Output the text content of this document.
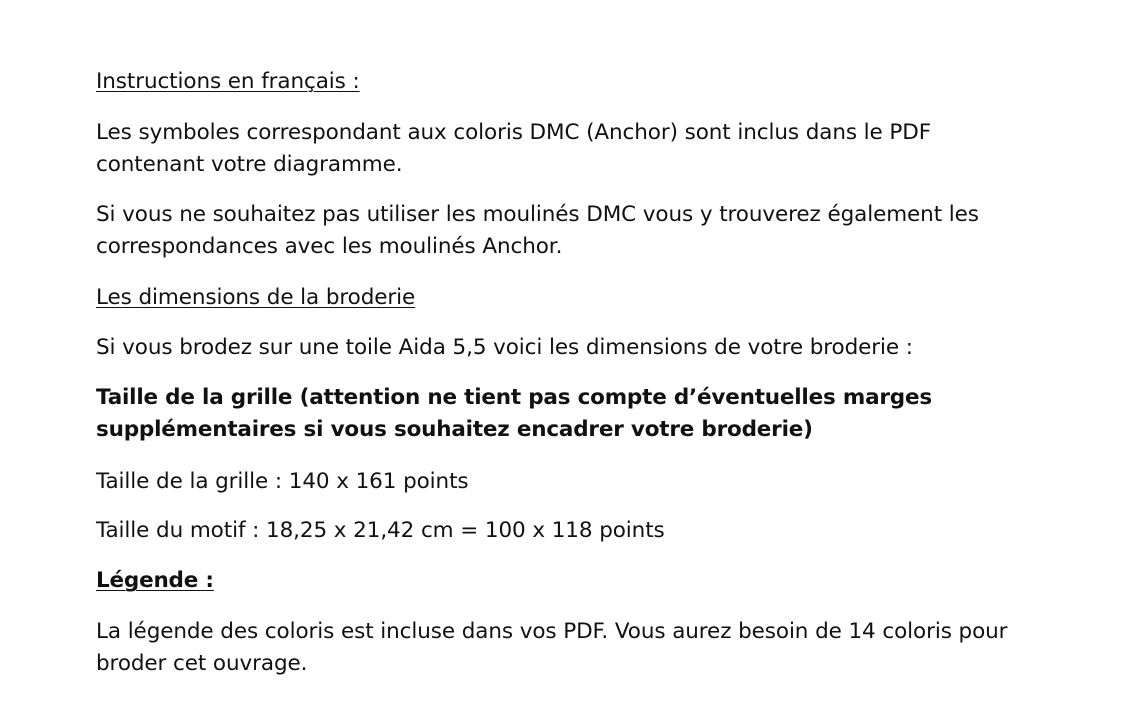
Instructions en français :

Les symboles correspondant aux coloris DMC (Anchor) sont inclus dans le PDF
contenant votre diagramme.

Si vous ne souhaitez pas utiliser les moulinés DMC vous y trouverez également les
correspondances avec les moulinés Anchor.

Les dimensions de la broderie

Si vous brodez sur une toile Aida 5,5 voici les dimensions de votre broderie :

Taille de la grille (attention ne tient pas compte d’éventuelles marges
supplémentaires si vous souhaitez encadrer votre broderie)

Taille de la grille : 140 x 161 points

Taille du motif : 18,25 x 21,42 cm = 100 x 118 points

Légende :

La légende des coloris est incluse dans vos PDF. Vous aurez besoin de 14 coloris pour
broder cet ouvrage.
